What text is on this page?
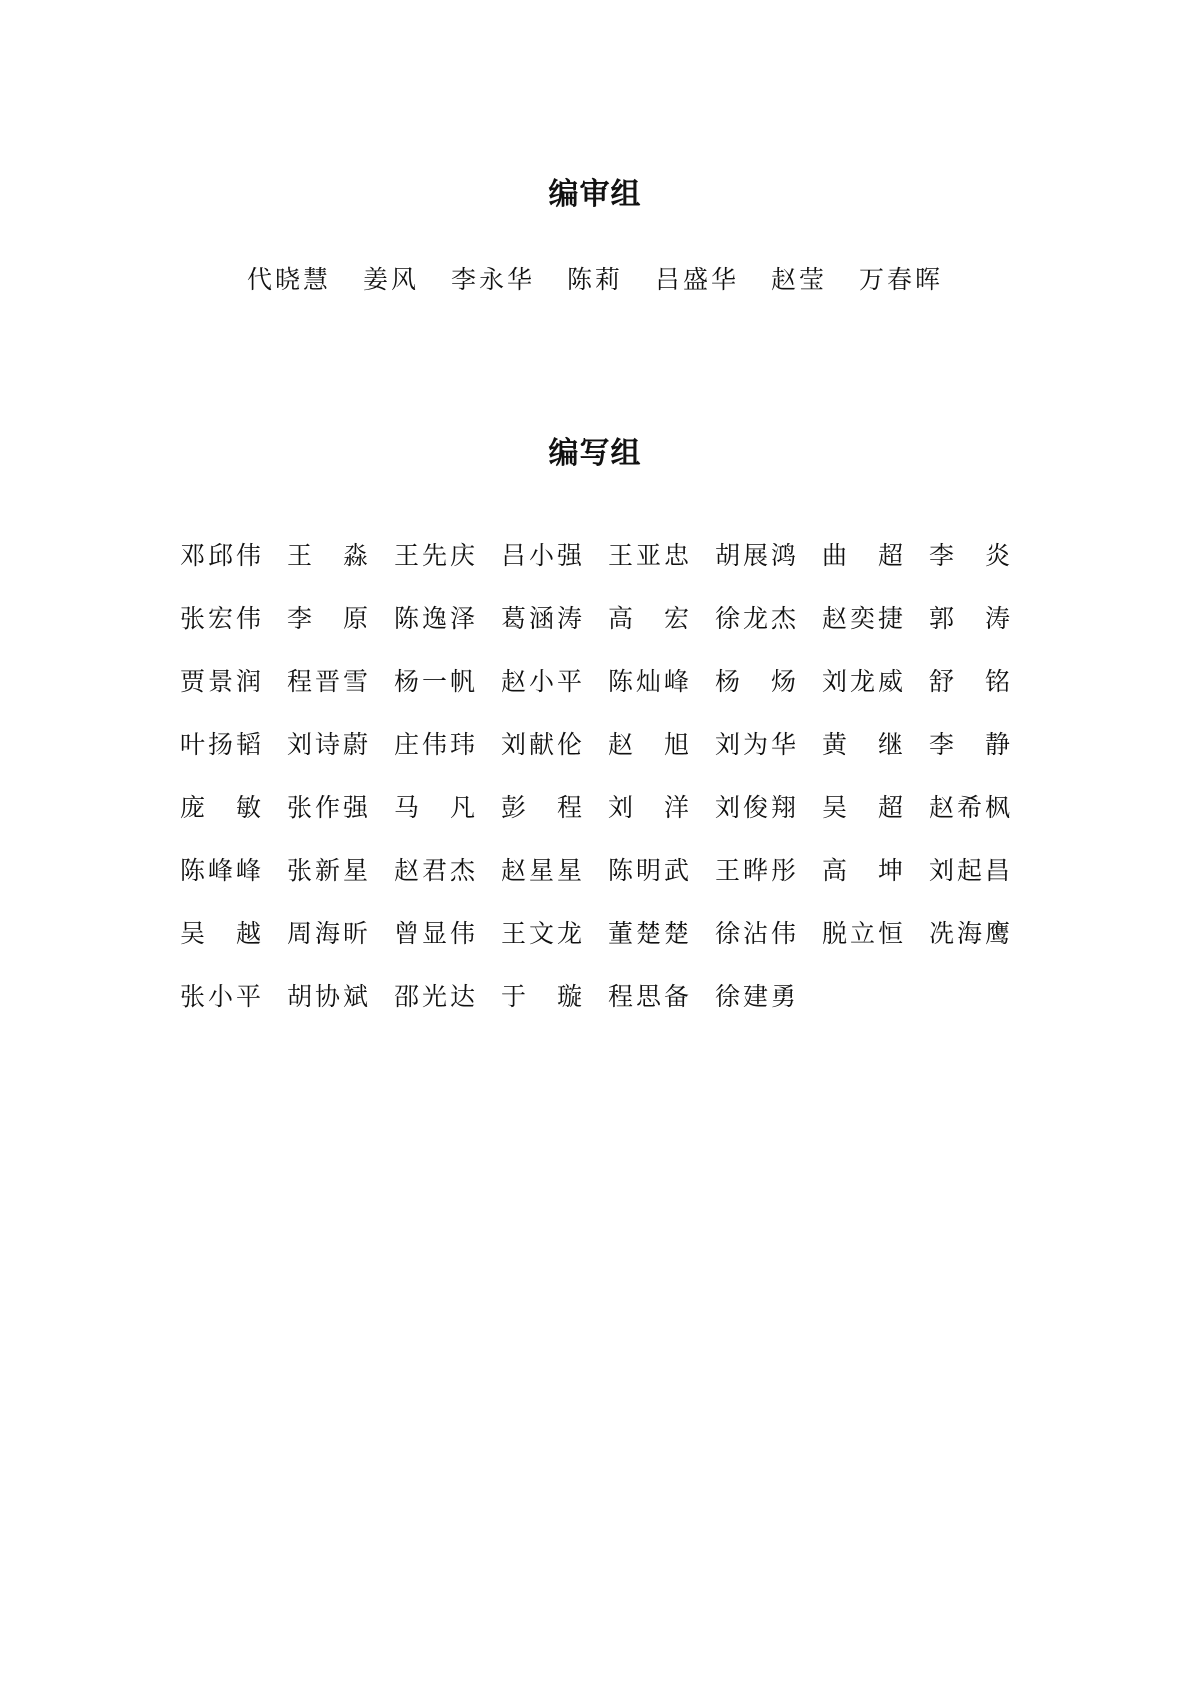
编审组
代晓慧 姜风 李永华 陈莉 吕盛华 赵莹 万春晖
编写组
邓 邱 伟 王 淼 王 先 庆 吕 小 强 王 亚 忠 胡 展 鸿 曲 超 李 炎
张 宏 伟 李 原 陈 逸 泽 葛 涵 涛 高 宏 徐 龙 杰 赵 奕 捷 郭 涛
贾 景 润 程 晋 雪 杨 一 帆 赵 小 平 陈 灿 峰 杨 炀 刘 龙 威 舒 铭
叶 扬 韬 刘 诗 蔚 庄 伟 玮 刘 献 伦 赵 旭 刘 为 华 黄 继 李 静
庞 敏 张 作 强 马 凡 彭 程 刘 洋 刘 俊 翔 吴 超 赵 希 枫
陈 峰 峰 张 新 星 赵 君 杰 赵 星 星 陈 明 武 王 晔 彤 高 坤 刘 起 昌
吴 越 周 海 昕 曾 显 伟 王 文 龙 董 楚 楚 徐 沾 伟 脱 立 恒 冼 海 鹰
张 小 平 胡 协 斌 邵 光 达 于 璇 程 思 备 徐 建 勇
